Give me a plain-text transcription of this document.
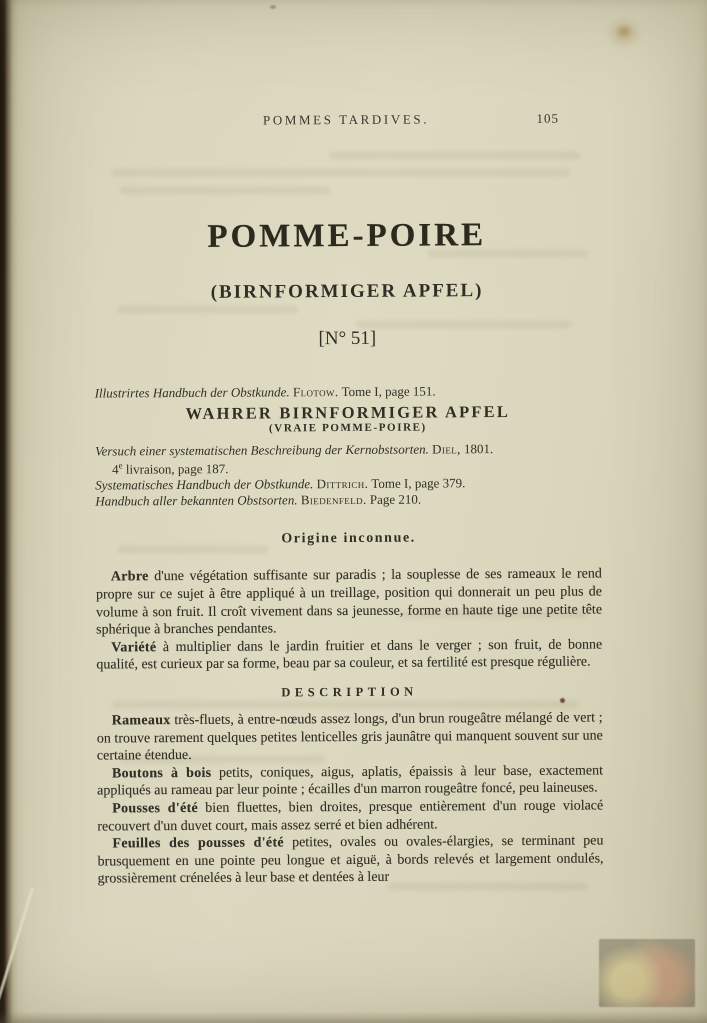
POMMES TARDIVES.	105
POMME-POIRE
(BIRNFORMIGER APFEL)
[N° 51]

Illustrirtes Handbuch der Obstkunde. Flotow. Tome I, page 151.

WAHRER BIRNFORMIGER APFEL

(VRAIE POMME-POIRE)

Versuch einer systematischen Beschreibung der Kernobstsorten. Diel, 1801.

4e livraison, page 187.

Systematisches Handbuch der Obstkunde. Dittrich. Tome I, page 379.

Handbuch aller bekannten Obstsorten. Biedenfeld. Page 210.

Origine inconnue.

Arbre d'une végétation suffisante sur paradis ; la souplesse de ses rameaux le rend propre sur ce sujet à être appliqué à un treillage, position qui donnerait un peu plus de volume à son fruit. Il croît vivement dans sa jeunesse, forme en haute tige une petite tête sphérique à branches pendantes.

Variété à multiplier dans le jardin fruitier et dans le verger ; son fruit, de bonne qualité, est curieux par sa forme, beau par sa couleur, et sa fertilité est presque régulière.

DESCRIPTION

Rameaux très-fluets, à entre-nœuds assez longs, d'un brun rougeâtre mélangé de vert ; on trouve rarement quelques petites lenticelles gris jaunâtre qui manquent souvent sur une certaine étendue.

Boutons à bois petits, coniques, aigus, aplatis, épaissis à leur base, exactement appliqués au rameau par leur pointe ; écailles d'un marron rougeâtre foncé, peu laineuses.

Pousses d'été bien fluettes, bien droites, presque entièrement d'un rouge violacé recouvert d'un duvet court, mais assez serré et bien adhérent.

Feuilles des pousses d'été petites, ovales ou ovales-élargies, se terminant peu brusquement en une pointe peu longue et aiguë, à bords relevés et largement ondulés, grossièrement crénelées à leur base et dentées à leur
